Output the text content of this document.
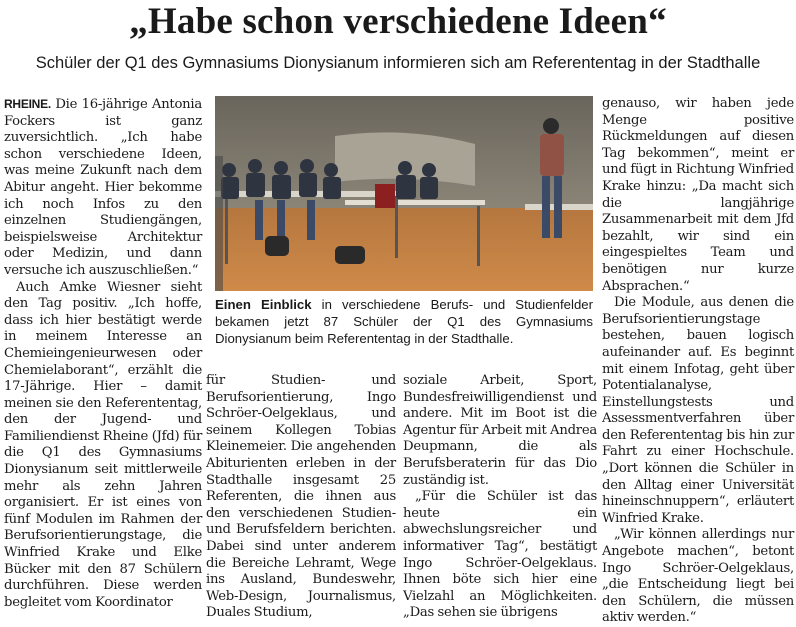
„Habe schon verschiedene Ideen“
Schüler der Q1 des Gymnasiums Dionysianum informieren sich am Referententag in der Stadthalle

RHEINE. Die 16-jährige Antonia Fockers ist ganz zuversichtlich. „Ich habe schon verschiedene Ideen, was meine Zukunft nach dem Abitur angeht. Hier bekomme ich noch Infos zu den einzelnen Studiengängen, beispielsweise Architektur oder Medizin, und dann versuche ich auszuschließen.“

Auch Amke Wiesner sieht den Tag positiv. „Ich hoffe, dass ich hier bestätigt werde in meinem Interesse an Chemieingenieurwesen oder Chemielaborant“, erzählt die 17-Jährige. Hier – damit meinen sie den Referententag, den der Jugend- und Familiendienst Rheine (Jfd) für die Q1 des Gymnasiums Dionysianum seit mittlerweile mehr als zehn Jahren organisiert. Er ist eines von fünf Modulen im Rahmen der Berufsorientierungstage, die Winfried Krake und Elke Bücker mit den 87 Schülern durchführen. Diese werden begleitet vom Koordinator

Einen Einblick in verschiedene Berufs- und Studienfelder bekamen jetzt 87 Schüler der Q1 des Gymnasiums Dionysianum beim Referententag in der Stadthalle.

für Studien- und Berufsorientierung, Ingo Schröer-Oelgeklaus, und seinem Kollegen Tobias Kleinemeier. Die angehenden Abiturienten erleben in der Stadthalle insgesamt 25 Referenten, die ihnen aus den verschiedenen Studien- und Berufsfeldern berichten. Dabei sind unter anderem die Bereiche Lehramt, Wege ins Ausland, Bundeswehr, Web-Design, Journalismus, Duales Studium,

soziale Arbeit, Sport, Bundesfreiwilligendienst und andere. Mit im Boot ist die Agentur für Arbeit mit Andrea Deupmann, die als Berufsberaterin für das Dio zuständig ist.

„Für die Schüler ist das heute ein abwechslungsreicher und informativer Tag“, bestätigt Ingo Schröer-Oelgeklaus. Ihnen böte sich hier eine Vielzahl an Möglichkeiten. „Das sehen sie übrigens

genauso, wir haben jede Menge positive Rückmeldungen auf diesen Tag bekommen“, meint er und fügt in Richtung Winfried Krake hinzu: „Da macht sich die langjährige Zusammenarbeit mit dem Jfd bezahlt, wir sind ein eingespieltes Team und benötigen nur kurze Absprachen.“

Die Module, aus denen die Berufsorientierungstage bestehen, bauen logisch aufeinander auf. Es beginnt mit einem Infotag, geht über Potentialanalyse, Einstellungstests und Assessmentverfahren über den Referententag bis hin zur Fahrt zu einer Hochschule. „Dort können die Schüler in den Alltag einer Universität hineinschnuppern“, erläutert Winfried Krake.

„Wir können allerdings nur Angebote machen“, betont Ingo Schröer-Oelgeklaus, „die Entscheidung liegt bei den Schülern, die müssen aktiv werden.“
